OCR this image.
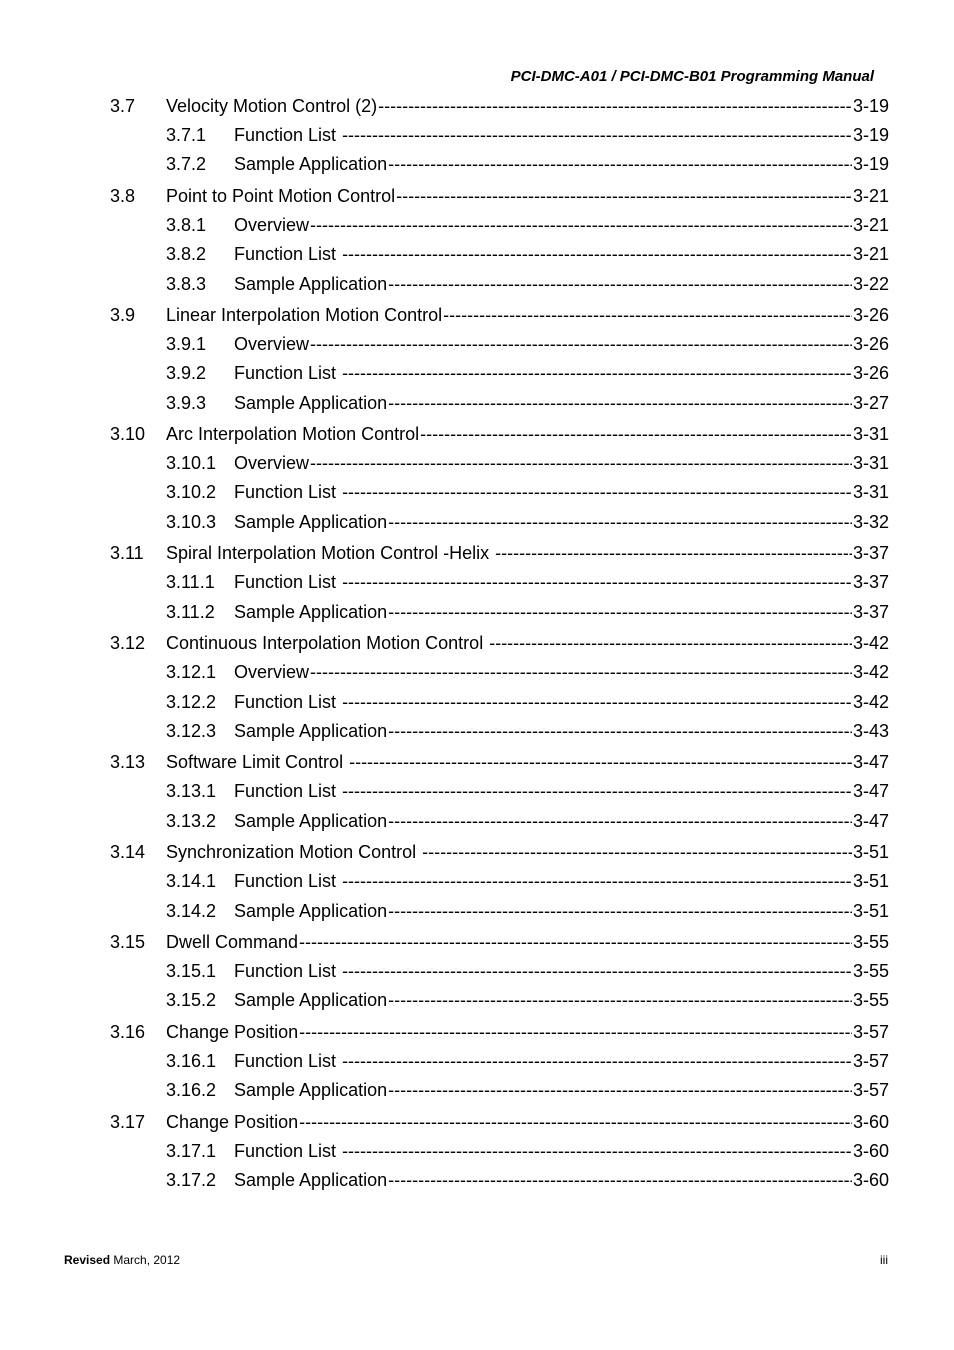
PCI-DMC-A01 / PCI-DMC-B01 Programming Manual
3.7 Velocity Motion Control (2) -----	3-19
3.7.1 Function List -----	3-19
3.7.2 Sample Application -----	3-19
3.8 Point to Point Motion Control -----	3-21
3.8.1 Overview -----	3-21
3.8.2 Function List -----	3-21
3.8.3 Sample Application -----	3-22
3.9 Linear Interpolation Motion Control -----	3-26
3.9.1 Overview -----	3-26
3.9.2 Function List -----	3-26
3.9.3 Sample Application -----	3-27
3.10 Arc Interpolation Motion Control -----	3-31
3.10.1 Overview -----	3-31
3.10.2 Function List -----	3-31
3.10.3 Sample Application -----	3-32
3.11 Spiral Interpolation Motion Control -Helix -----	3-37
3.11.1 Function List -----	3-37
3.11.2 Sample Application -----	3-37
3.12 Continuous Interpolation Motion Control -----	3-42
3.12.1 Overview -----	3-42
3.12.2 Function List -----	3-42
3.12.3 Sample Application -----	3-43
3.13 Software Limit Control -----	3-47
3.13.1 Function List -----	3-47
3.13.2 Sample Application -----	3-47
3.14 Synchronization Motion Control -----	3-51
3.14.1 Function List -----	3-51
3.14.2 Sample Application -----	3-51
3.15 Dwell Command -----	3-55
3.15.1 Function List -----	3-55
3.15.2 Sample Application -----	3-55
3.16 Change Position -----	3-57
3.16.1 Function List -----	3-57
3.16.2 Sample Application -----	3-57
3.17 Change Position -----	3-60
3.17.1 Function List -----	3-60
3.17.2 Sample Application -----	3-60
Revised March, 2012	iii
